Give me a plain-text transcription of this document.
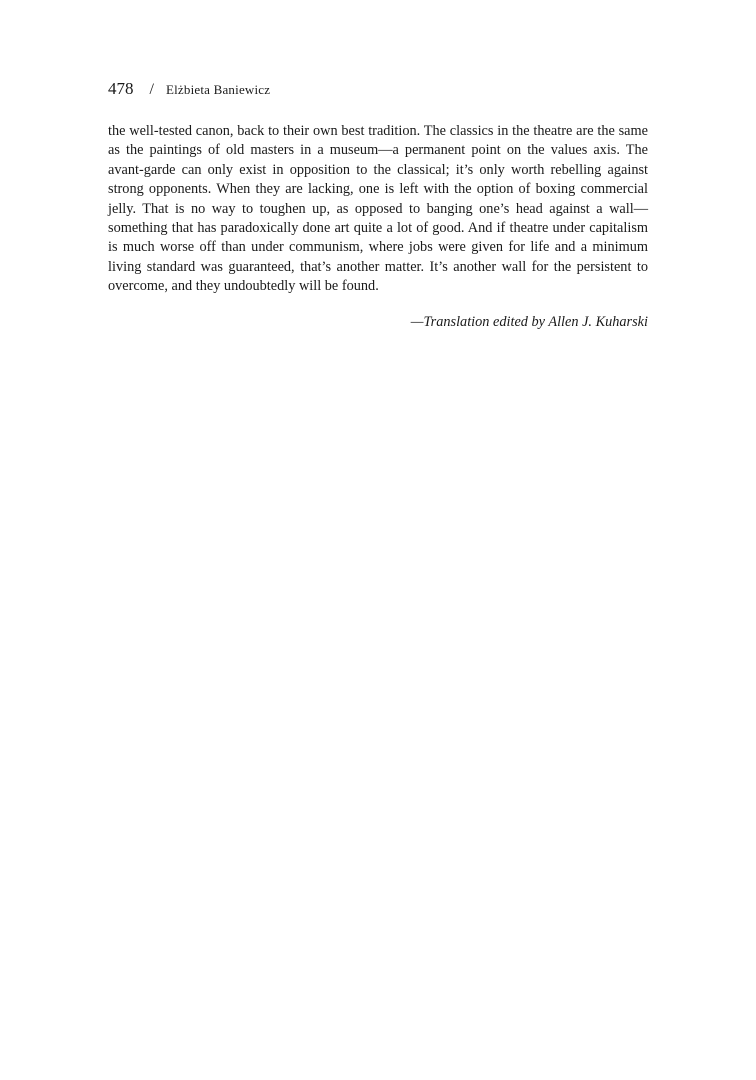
478 / Elżbieta Baniewicz

the well-tested canon, back to their own best tradition. The classics in the theatre are the same as the paintings of old masters in a museum—a permanent point on the values axis. The avant-garde can only exist in opposition to the classical; it’s only worth rebelling against strong opponents. When they are lacking, one is left with the option of boxing commercial jelly. That is no way to toughen up, as opposed to banging one’s head against a wall—something that has paradoxically done art quite a lot of good. And if theatre under capitalism is much worse off than under communism, where jobs were given for life and a minimum living standard was guaranteed, that’s another matter. It’s another wall for the persistent to overcome, and they undoubtedly will be found.

—Translation edited by Allen J. Kuharski
